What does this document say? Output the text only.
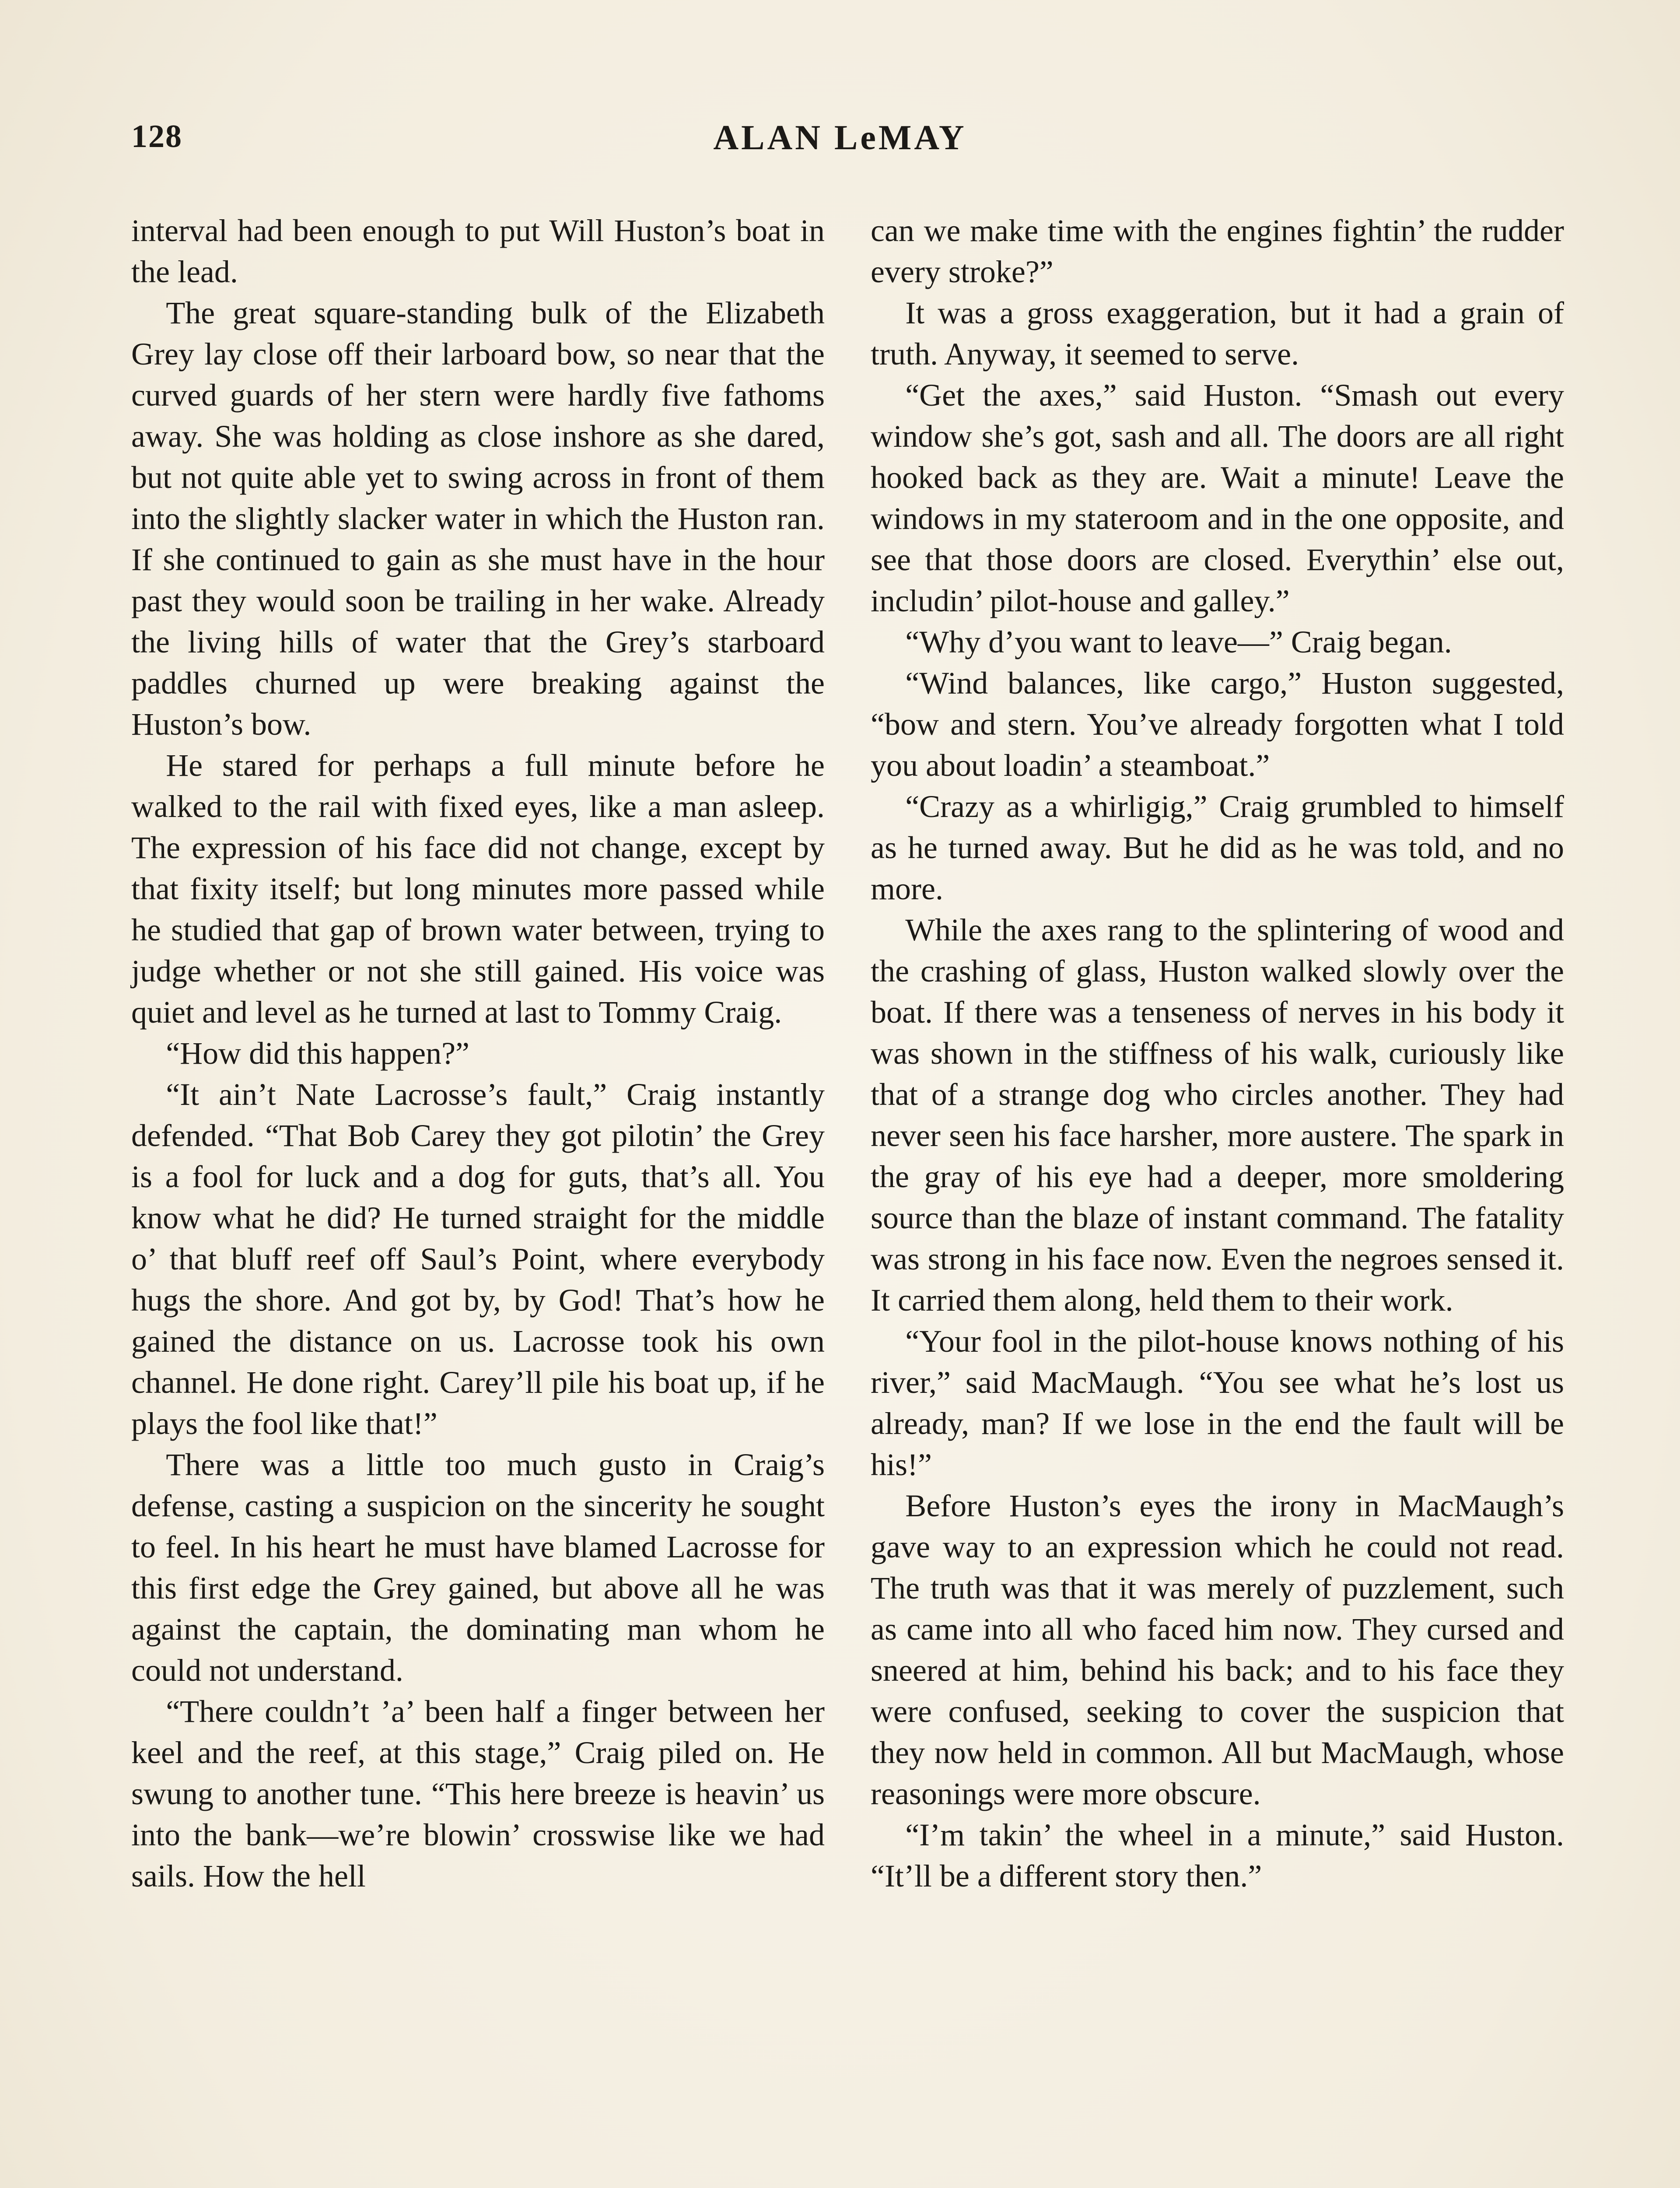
128	ALAN LeMAY

interval had been enough to put Will Huston’s boat in the lead.

The great square-standing bulk of the Elizabeth Grey lay close off their larboard bow, so near that the curved guards of her stern were hardly five fathoms away. She was holding as close inshore as she dared, but not quite able yet to swing across in front of them into the slightly slacker water in which the Huston ran. If she continued to gain as she must have in the hour past they would soon be trailing in her wake. Already the living hills of water that the Grey’s starboard paddles churned up were breaking against the Huston’s bow.

He stared for perhaps a full minute before he walked to the rail with fixed eyes, like a man asleep. The expression of his face did not change, except by that fixity itself; but long minutes more passed while he studied that gap of brown water between, trying to judge whether or not she still gained. His voice was quiet and level as he turned at last to Tommy Craig.

“How did this happen?”

“It ain’t Nate Lacrosse’s fault,” Craig instantly defended. “That Bob Carey they got pilotin’ the Grey is a fool for luck and a dog for guts, that’s all. You know what he did? He turned straight for the middle o’ that bluff reef off Saul’s Point, where everybody hugs the shore. And got by, by God! That’s how he gained the distance on us. Lacrosse took his own channel. He done right. Carey’ll pile his boat up, if he plays the fool like that!”

There was a little too much gusto in Craig’s defense, casting a suspicion on the sincerity he sought to feel. In his heart he must have blamed Lacrosse for this first edge the Grey gained, but above all he was against the captain, the dominating man whom he could not understand.

“There couldn’t ’a’ been half a finger between her keel and the reef, at this stage,” Craig piled on. He swung to another tune. “This here breeze is heavin’ us into the bank—we’re blowin’ crosswise like we had sails. How the hell

can we make time with the engines fightin’ the rudder every stroke?”

It was a gross exaggeration, but it had a grain of truth. Anyway, it seemed to serve.

“Get the axes,” said Huston. “Smash out every window she’s got, sash and all. The doors are all right hooked back as they are. Wait a minute! Leave the windows in my stateroom and in the one opposite, and see that those doors are closed. Everythin’ else out, includin’ pilot-house and galley.”

“Why d’you want to leave—” Craig began.

“Wind balances, like cargo,” Huston suggested, “bow and stern. You’ve already forgotten what I told you about loadin’ a steamboat.”

“Crazy as a whirligig,” Craig grumbled to himself as he turned away. But he did as he was told, and no more.

While the axes rang to the splintering of wood and the crashing of glass, Huston walked slowly over the boat. If there was a tenseness of nerves in his body it was shown in the stiffness of his walk, curiously like that of a strange dog who circles another. They had never seen his face harsher, more austere. The spark in the gray of his eye had a deeper, more smoldering source than the blaze of instant command. The fatality was strong in his face now. Even the negroes sensed it. It carried them along, held them to their work.

“Your fool in the pilot-house knows nothing of his river,” said MacMaugh. “You see what he’s lost us already, man? If we lose in the end the fault will be his!”

Before Huston’s eyes the irony in MacMaugh’s gave way to an expression which he could not read. The truth was that it was merely of puzzlement, such as came into all who faced him now. They cursed and sneered at him, behind his back; and to his face they were confused, seeking to cover the suspicion that they now held in common. All but MacMaugh, whose reasonings were more obscure.

“I’m takin’ the wheel in a minute,” said Huston. “It’ll be a different story then.”
